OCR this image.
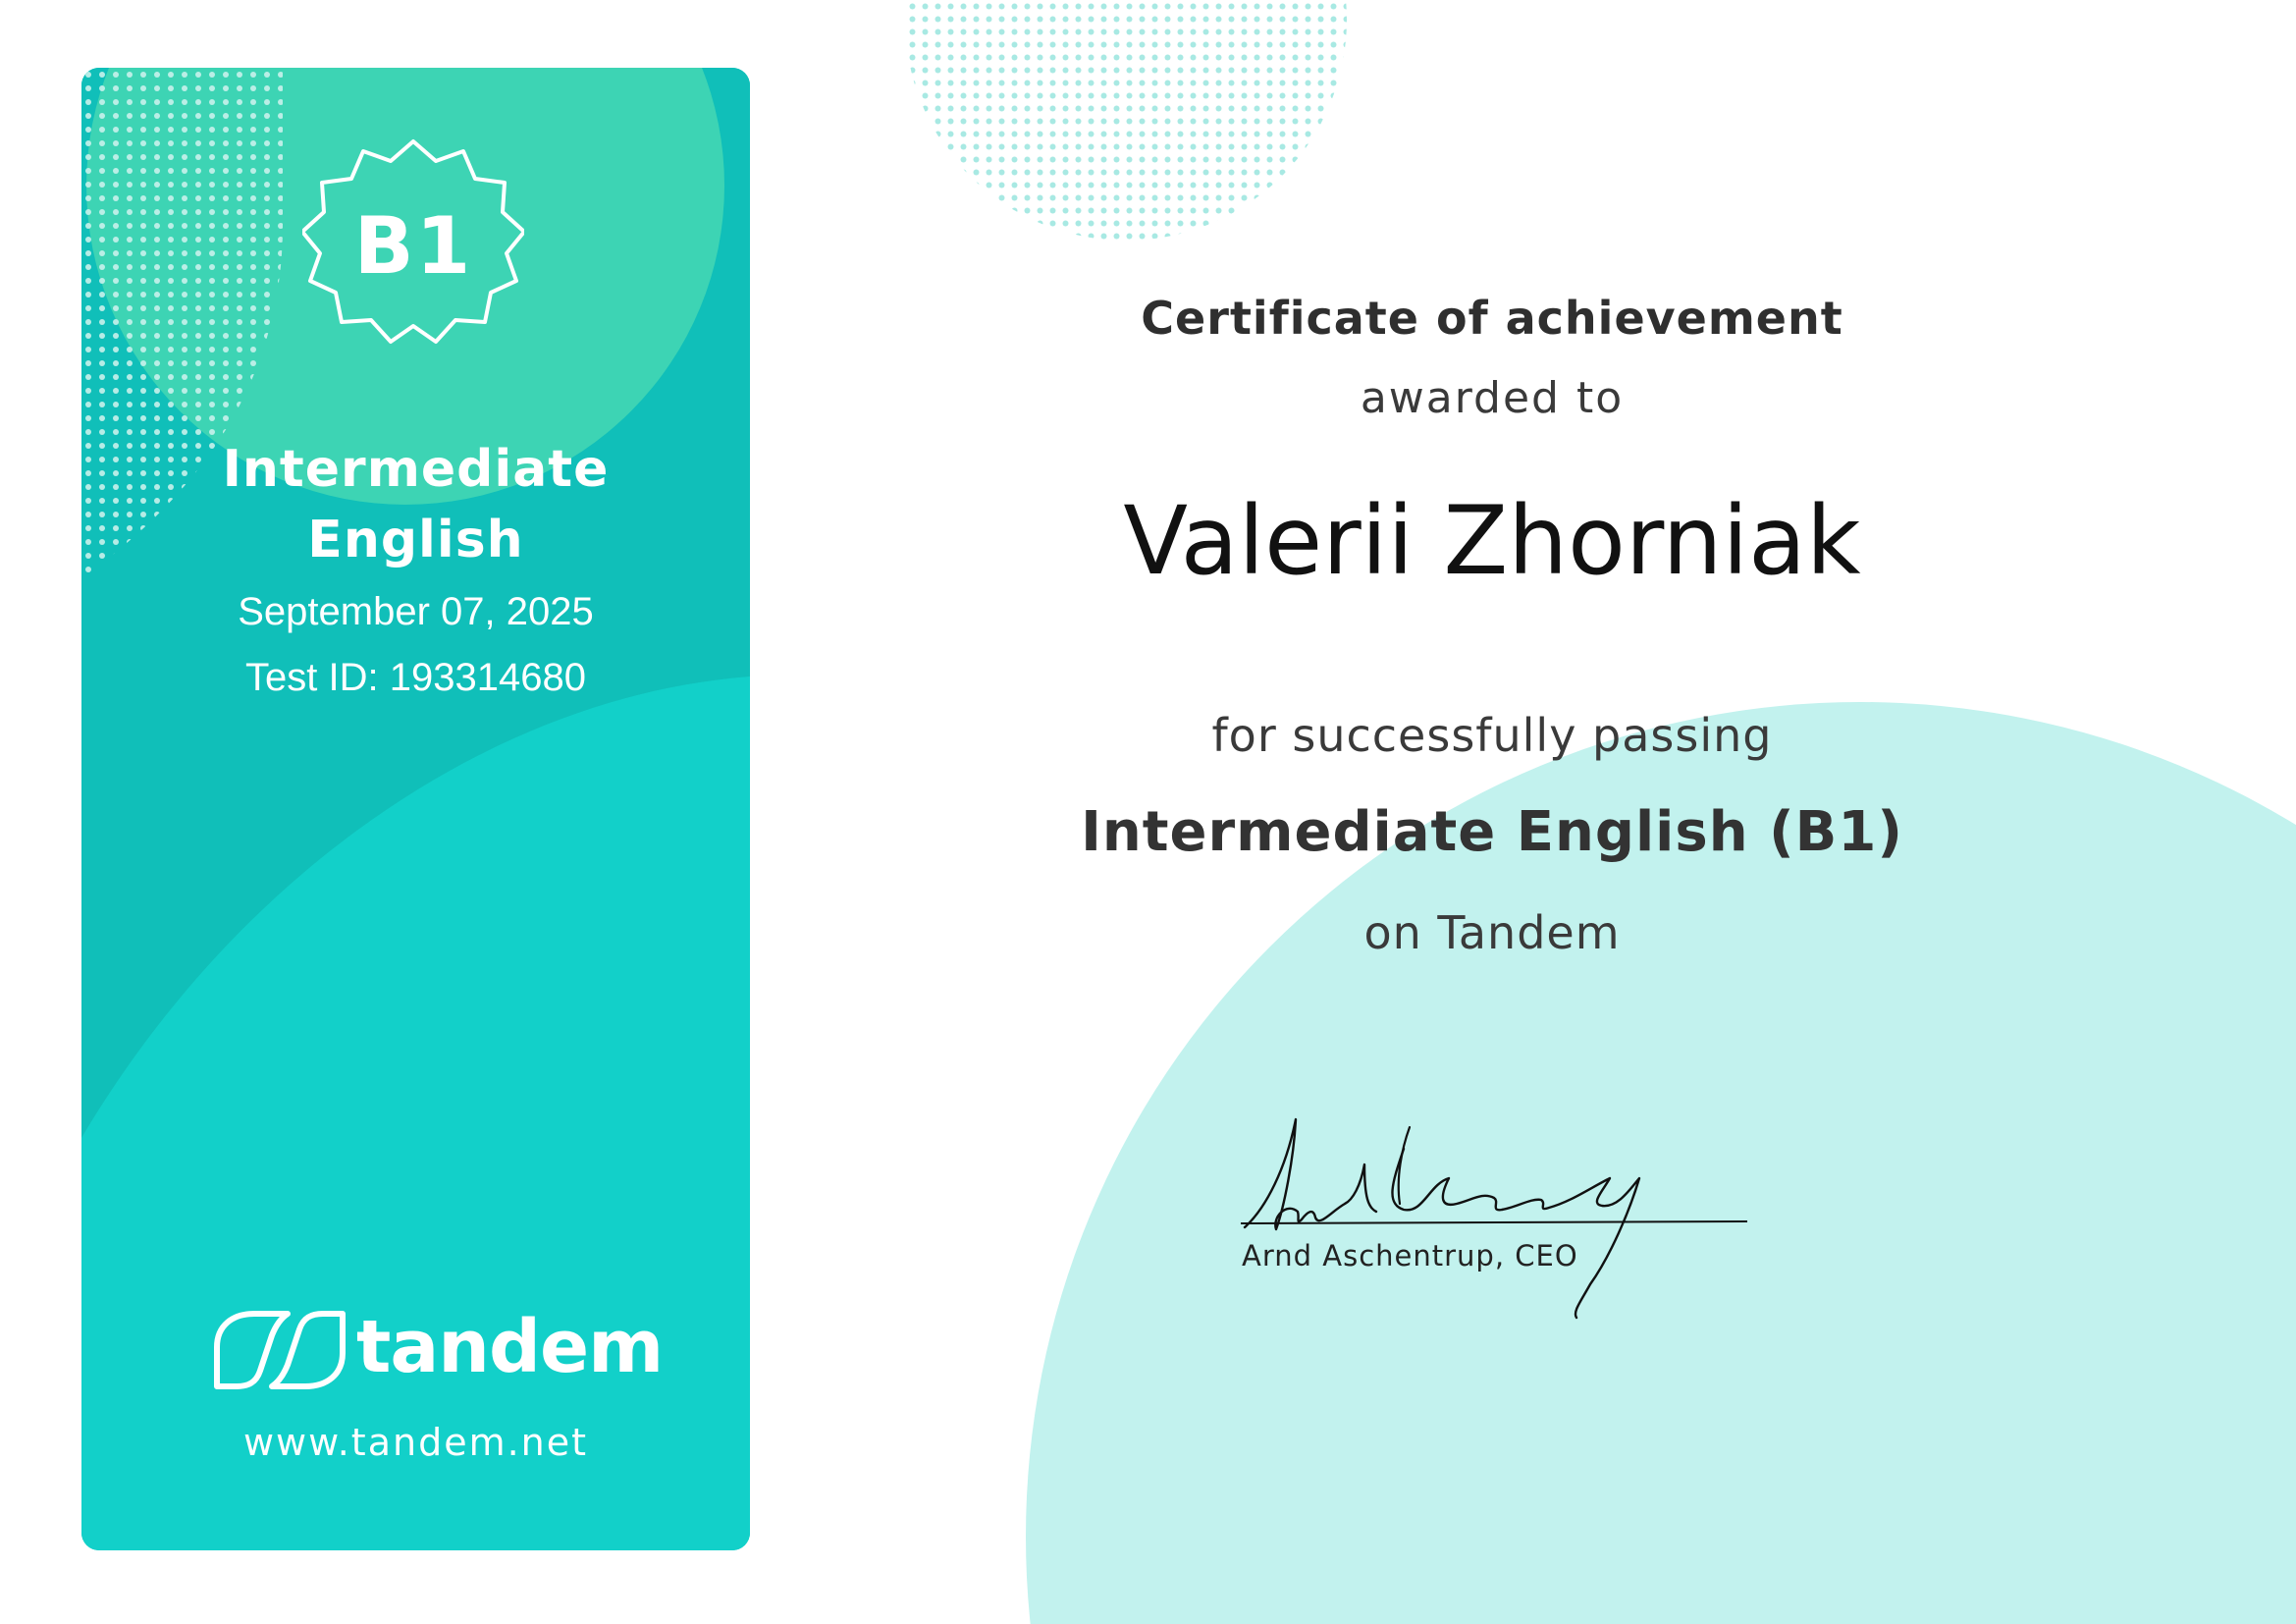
B1
Intermediate
English
September 07, 2025
Test ID: 193314680
tandem
www.tandem.net
Certificate of achievement
awarded to
Valerii Zhorniak
for successfully passing
Intermediate English (B1)
on Tandem
Arnd Aschentrup, CEO
